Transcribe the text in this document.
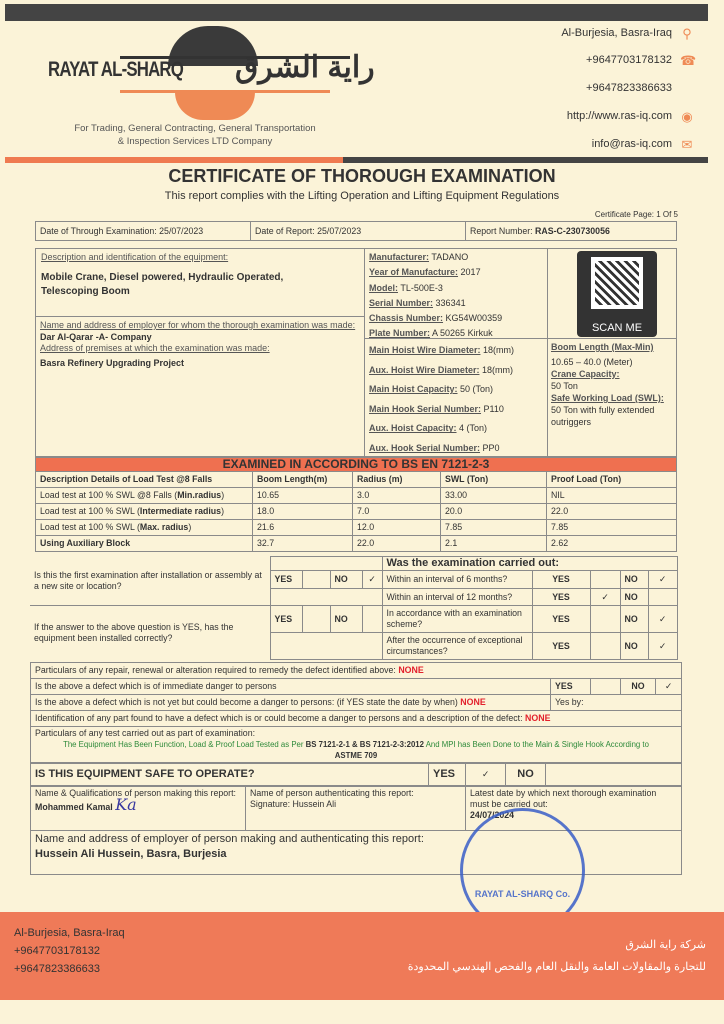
RAYAT AL-SHARQ راية الشرق
For Trading, General Contracting, General Transportation
& Inspection Services LTD Company
Al-Burjesia, Basra-Iraq ⚲
+9647703178132 ☎
+9647823386633
http://www.ras-iq.com ◉
info@ras-iq.com ✉
CERTIFICATE OF THOROUGH EXAMINATION
This report complies with the Lifting Operation and Lifting Equipment Regulations
Certificate Page: 1 Of 5
Date of Through Examination: 25/07/2023	Date of Report: 25/07/2023	Report Number: RAS-C-230730056
Description and identification of the equipment:
Mobile Crane, Diesel powered, Hydraulic Operated, Telescoping Boom
Name and address of employer for whom the thorough examination was made:
Dar Al-Qarar -A- Company
Address of premises at which the examination was made:
Basra Refinery Upgrading Project
Manufacturer: TADANO
Year of Manufacture: 2017
Model: TL-500E-3
Serial Number: 336341
Chassis Number: KG54W00359
Plate Number: A 50265 Kirkuk
Main Hoist Wire Diameter: 18(mm)
Aux. Hoist Wire Diameter: 18(mm)
Main Hoist Capacity: 50 (Ton)
Main Hook Serial Number: P110
Aux. Hoist Capacity: 4 (Ton)
Aux. Hook Serial Number: PP0
Boom Length (Max-Min)
10.65 – 40.0 (Meter)
Crane Capacity:
50 Ton
Safe Working Load (SWL):
50 Ton with fully extended outriggers
SCAN ME
EXAMINED IN ACCORDING TO BS EN 7121-2-3				
Description Details of Load Test @8 Falls	Boom Length(m)	Radius (m)	SWL (Ton)	Proof Load (Ton)
Load test at 100 % SWL @8 Falls (Min.radius)	10.65	3.0	33.00	NIL
Load test at 100 % SWL (Intermediate radius)	18.0	7.0	20.0	22.0
Load test at 100 % SWL (Max. radius)	21.6	12.0	7.85	7.85
Using Auxiliary Block	32.7	22.0	2.1	2.62
Is this the first examination after installation or assembly at a new site or location?					Was the examination carried out:				
	YES		NO	✓	Within an interval of 6 months?	YES		NO	✓
					Within an interval of 12 months?	YES	✓	NO	
If the answer to the above question is YES, has the equipment been installed correctly?	YES		NO		In accordance with an examination scheme?	YES		NO	✓
					After the occurrence of exceptional circumstances?	YES		NO	✓
Particulars of any repair, renewal or alteration required to remedy the defect identified above: NONE				
Is the above a defect which is of immediate danger to persons	YES		NO	✓
Is the above a defect which is not yet but could become a danger to persons: (if YES state the date by when) NONE	Yes by:			
Identification of any part found to have a defect which is or could become a danger to persons and a description of the defect: NONE				

Particulars of any test carried out as part of examination:
The Equipment Has Been Function, Load & Proof Load Tested as Per BS 7121-2-1 & BS 7121-2-3:2012 And MPI has Been Done to the Main & Single Hook According to
ASTME 709				
IS THIS EQUIPMENT SAFE TO OPERATE?	YES	✓	NO	
Name & Qualifications of person making this report:
Mohammed Kamal Ka	
Name of person authenticating this report:
Signature: Hussein Ali

Latest date by which next thorough examination must be carried out:
24/07/2024

Name and address of employer of person making and authenticating this report:
Hussein Ali Hussein, Basra, Burjesia
RAYAT AL-SHARQ Co.
Al-Burjesia, Basra-Iraq
+9647703178132
+9647823386633
شركة راية الشرق
للتجارة والمقاولات العامة والنقل العام والفحص الهندسي المحدودة
